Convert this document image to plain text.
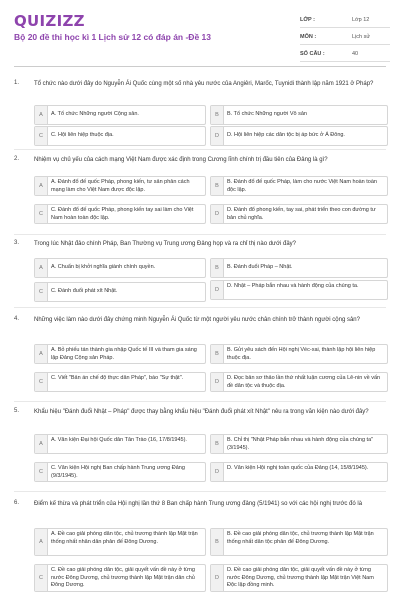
QUIZIZZ
Bộ 20 đề thi học kì 1 Lịch sử 12 có đáp án -Đề 13
LỚP :	Lớp 12
MÔN :	Lịch sử
SỐ CÂU :	40
1. Tổ chức nào dưới đây do Nguyễn Ái Quốc cùng một số nhà yêu nước của Angiêri, Marốc, Tuynidi thành lập năm 1921 ở Pháp?
A	A. Tổ chức Những người Cộng sản.	B	B. Tổ chức Những người Vô sản
C	C. Hội liên hiệp thuộc địa.	D	D. Hội liên hiệp các dân tộc bị áp bức ở Á Đông.
2. Nhiệm vụ chủ yếu của cách mạng Việt Nam được xác định trong Cương lĩnh chính trị đầu tiên của Đảng là gì?
A
A. Đánh đổ đế quốc Pháp, phong kiến, tư sản phản cách mạng làm cho Việt Nam được độc lập.
B
B. Đánh đổ đế quốc Pháp, làm cho nước Việt Nam hoàn toàn độc lập.
C
C. Đánh đổ đế quốc Pháp, phong kiến tay sai làm cho Việt Nam hoàn toàn độc lập.
D
D. Đánh đổ phong kiến, tay sai, phát triển theo con đường tư bản chủ nghĩa.
3. Trong lúc Nhật đảo chính Pháp, Ban Thường vụ Trung ương Đảng họp và ra chỉ thị nào dưới đây?
A	A. Chuẩn bị khởi nghĩa giành chính quyền.	B	B. Đánh đuổi Pháp – Nhật.
C	C. Đánh đuổi phát xít Nhật.	D
D. Nhật – Pháp bắn nhau và hành động của chúng ta.
4. Những việc làm nào dưới đây chứng minh Nguyễn Ái Quốc từ một người yêu nước chân chính trở thành người cộng sản?
A
A. Bỏ phiếu tán thành gia nhập Quốc tế III và tham gia sáng lập Đảng Cộng sản Pháp.
B
B. Gửi yêu sách đến Hội nghị Véc-xai, thành lập hội liên hiệp thuộc địa.
C
C. Viết "Bản án chế độ thực dân Pháp", báo "Sự thật".
D
D. Đọc bản sơ thảo lần thứ nhất luận cương của Lê-nin về vấn đề dân tộc và thuộc địa.
5. Khẩu hiệu "Đánh đuổi Nhật – Pháp" được thay bằng khẩu hiệu "Đánh đuổi phát xít Nhật" nêu ra trong văn kiện nào dưới đây?
A
A. Văn kiện Đại hội Quốc dân Tân Trào (16, 17/8/1945).
B
B. Chỉ thị "Nhật Pháp bắn nhau và hành động của chúng ta" (3/1945).
C
C. Văn kiện Hội nghị Ban chấp hành Trung ương Đảng (9/3/1945).
D
D. Văn kiện Hội nghị toàn quốc của Đảng (14, 15/8/1945).
6. Điểm kế thừa và phát triển của Hội nghị lần thứ 8 Ban chấp hành Trung ương đảng (5/1941) so với các hội nghị trước đó là
A
A. Đề cao giải phóng dân tộc, chủ trương thành lập Mặt trận thống nhất nhân dân phản đế Đông Dương.	B
B. Đề cao giải phóng dân tộc, chủ trương thành lập Mặt trận thống nhất dân tộc phản đế Đông Dương.
C
C. Đề cao giải phóng dân tộc, giải quyết vấn đề này ở từng nước Đông Dương, chủ trương thành lập Mặt trận dân chủ Đông Dương.
D
D. Đề cao giải phóng dân tộc, giải quyết vấn đề này ở từng nước Đông Dương, chủ trương thành lập Mặt trận Việt Nam Độc lập đồng minh.
